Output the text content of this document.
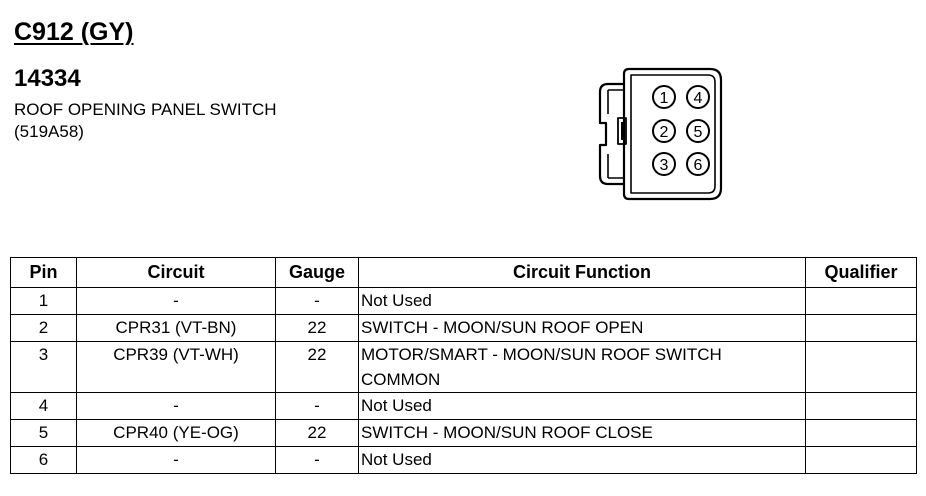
C912 (GY)
14334
ROOF OPENING PANEL SWITCH
(519A58)
1
2
3
4
5
6
Pin	Circuit	Gauge	Circuit Function	Qualifier
1	-	-	Not Used	

2	CPR31 (VT-BN)	22	SWITCH - MOON/SUN ROOF OPEN	

3	CPR39 (VT-WH)	22	MOTOR/SMART - MOON/SUN ROOF SWITCH
COMMON	

4	-	-	Not Used	

5	CPR40 (YE-OG)	22	SWITCH - MOON/SUN ROOF CLOSE	

6	-	-	Not Used	
